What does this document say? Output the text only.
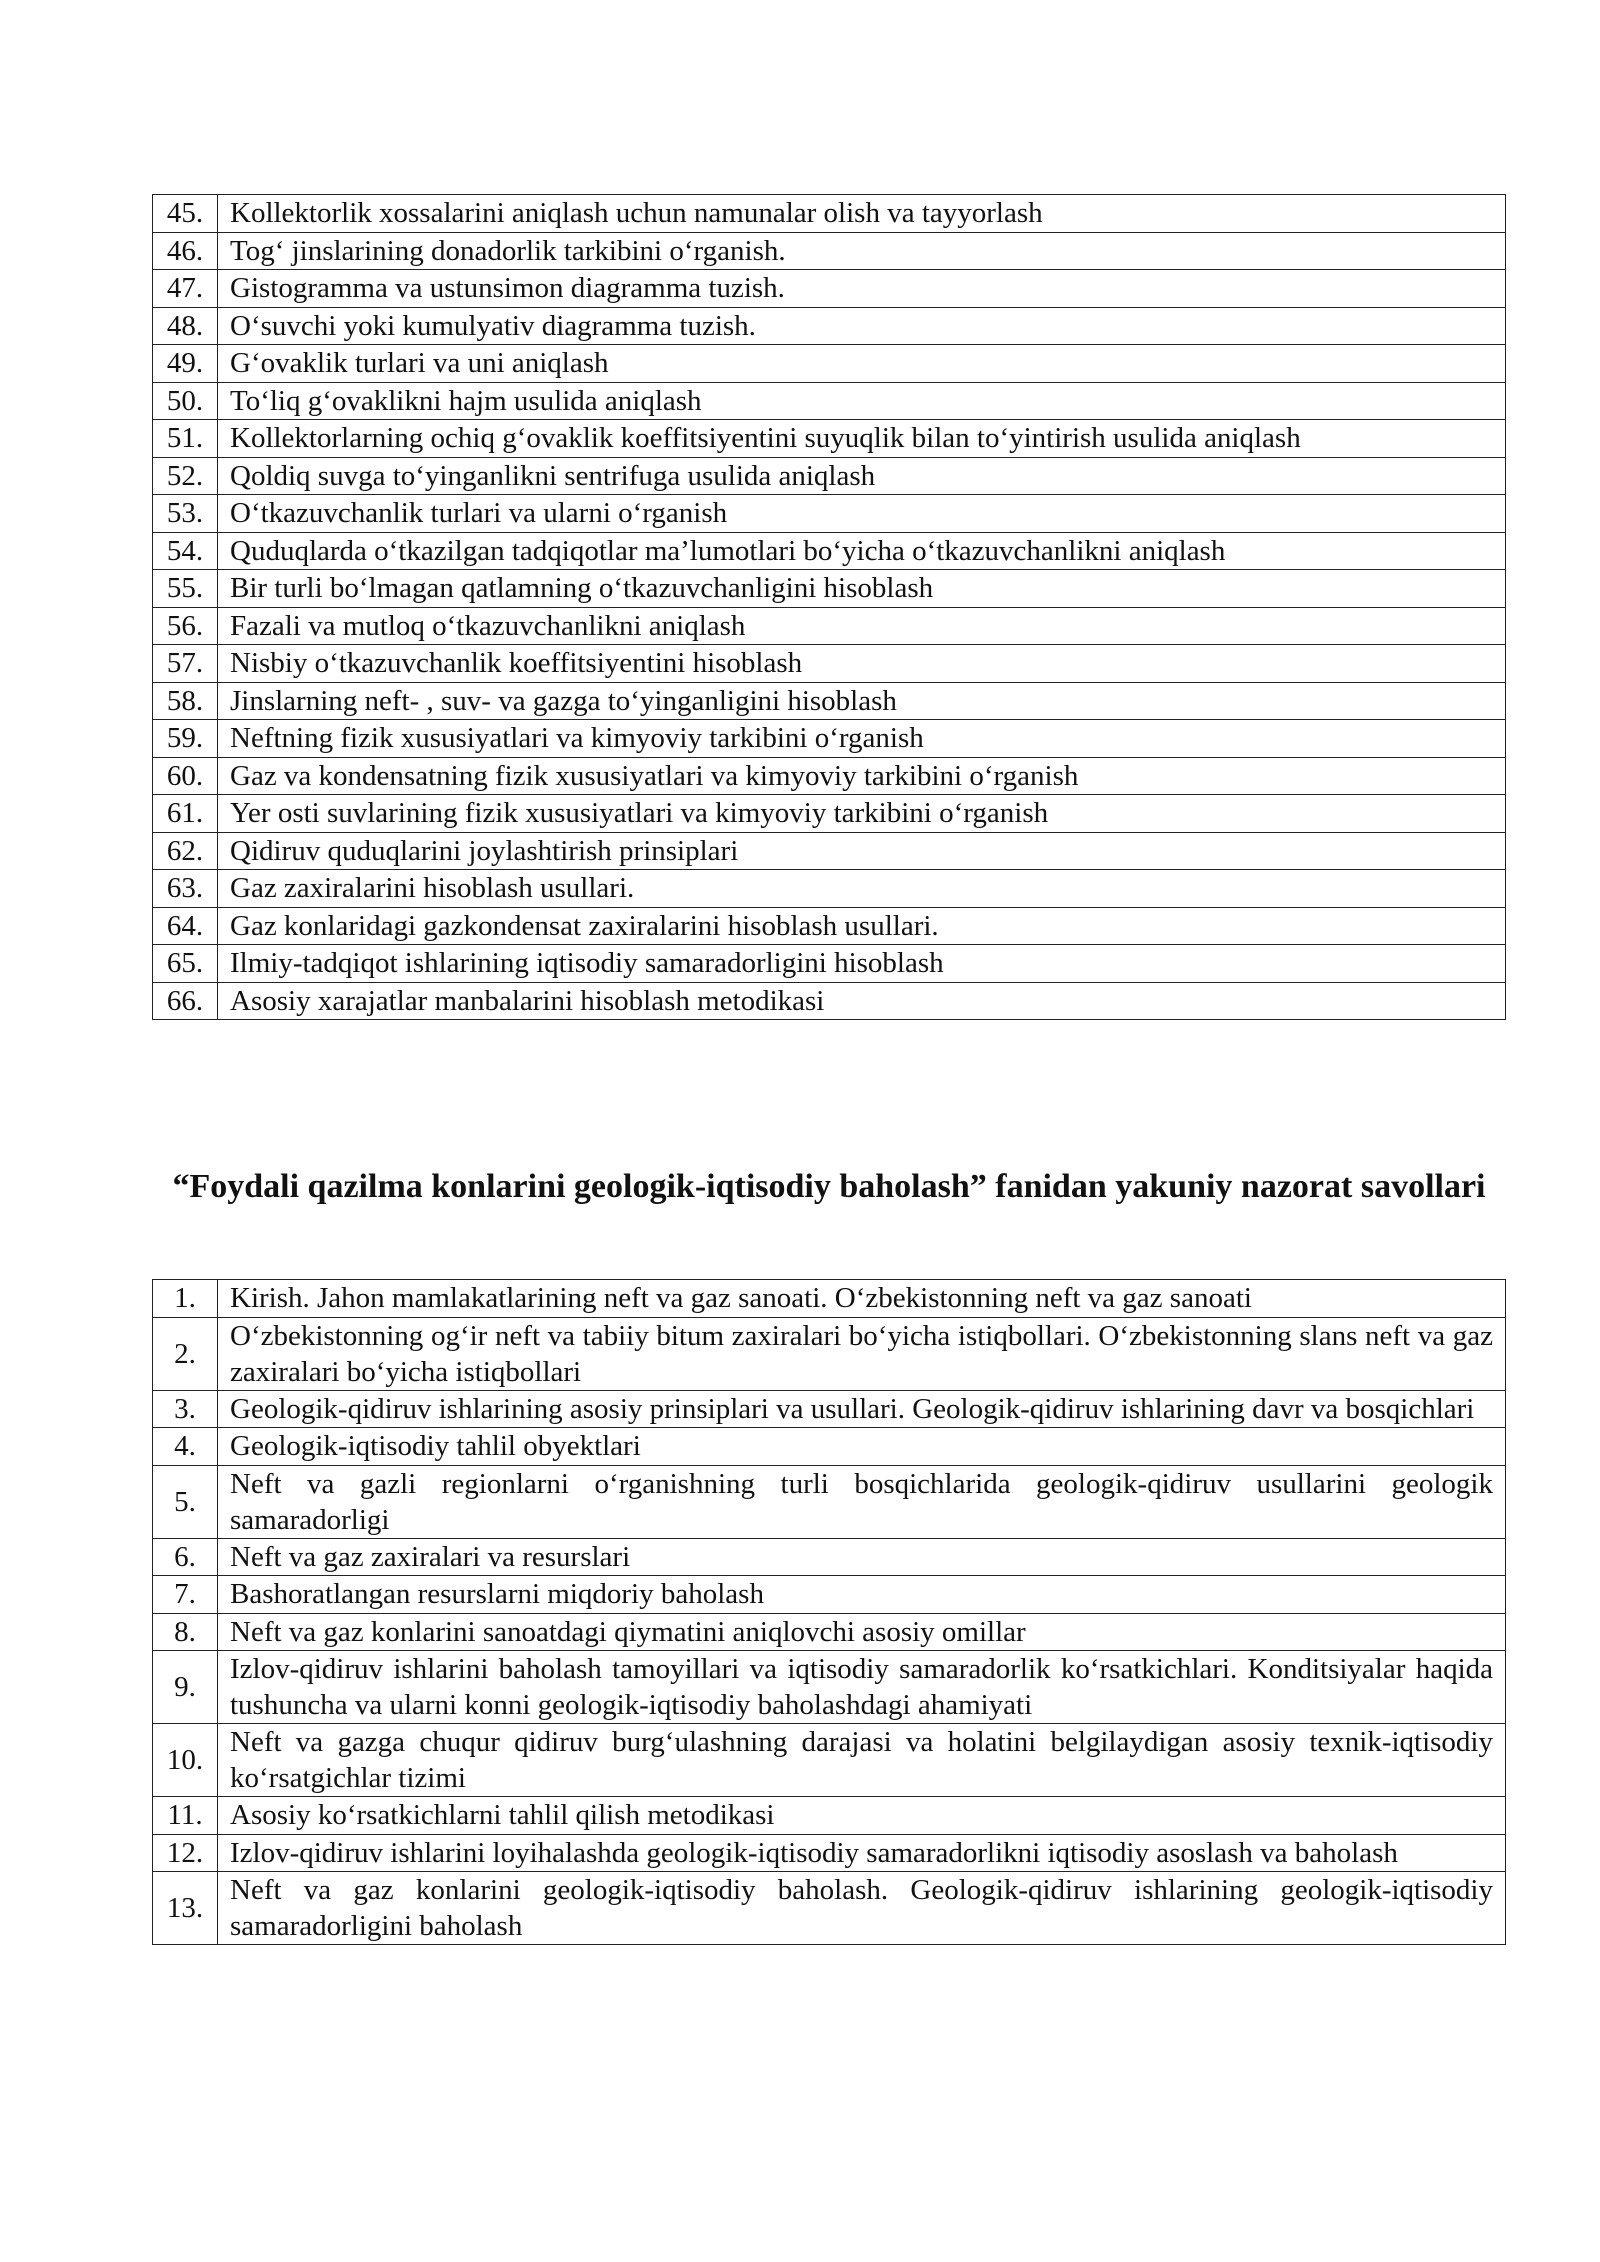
45.	Kollektorlik xossalarini aniqlash uchun namunalar olish va tayyorlash
46.	Tog‘ jinslarining donadorlik tarkibini o‘rganish.
47.	Gistogramma va ustunsimon diagramma tuzish.
48.	O‘suvchi yoki kumulyativ diagramma tuzish.
49.	G‘ovaklik turlari va uni aniqlash
50.	To‘liq g‘ovaklikni hajm usulida aniqlash
51.	Kollektorlarning ochiq g‘ovaklik koeffitsiyentini suyuqlik bilan to‘yintirish usulida aniqlash
52.	Qoldiq suvga to‘yinganlikni sentrifuga usulida aniqlash
53.	O‘tkazuvchanlik turlari va ularni o‘rganish
54.	Quduqlarda o‘tkazilgan tadqiqotlar ma’lumotlari bo‘yicha o‘tkazuvchanlikni aniqlash
55.	Bir turli bo‘lmagan qatlamning o‘tkazuvchanligini hisoblash
56.	Fazali va mutloq o‘tkazuvchanlikni aniqlash
57.	Nisbiy o‘tkazuvchanlik koeffitsiyentini hisoblash
58.	Jinslarning neft- , suv- va gazga to‘yinganligini hisoblash
59.	Neftning fizik xususiyatlari va kimyoviy tarkibini o‘rganish
60.	Gaz va kondensatning fizik xususiyatlari va kimyoviy tarkibini o‘rganish
61.	Yer osti suvlarining fizik xususiyatlari va kimyoviy tarkibini o‘rganish
62.	Qidiruv quduqlarini joylashtirish prinsiplari
63.	Gaz zaxiralarini hisoblash usullari.
64.	Gaz konlaridagi gazkondensat zaxiralarini hisoblash usullari.
65.	Ilmiy-tadqiqot ishlarining iqtisodiy samaradorligini hisoblash
66.	Asosiy xarajatlar manbalarini hisoblash metodikasi
“Foydali qazilma konlarini geologik-iqtisodiy baholash” fanidan yakuniy nazorat savollari
1.	Kirish. Jahon mamlakatlarining neft va gaz sanoati. O‘zbekistonning neft va gaz sanoati
2.	O‘zbekistonning og‘ir neft va tabiiy bitum zaxiralari bo‘yicha istiqbollari. O‘zbekistonning slans neft va gaz zaxiralari bo‘yicha istiqbollari
3.	Geologik-qidiruv ishlarining asosiy prinsiplari va usullari. Geologik-qidiruv ishlarining davr va bosqichlari
4.	Geologik-iqtisodiy tahlil obyektlari
5.	Neft va gazli regionlarni o‘rganishning turli bosqichlarida geologik-qidiruv usullarini geologik samaradorligi
6.	Neft va gaz zaxiralari va resurslari
7.	Bashoratlangan resurslarni miqdoriy baholash
8.	Neft va gaz konlarini sanoatdagi qiymatini aniqlovchi asosiy omillar
9.	Izlov-qidiruv ishlarini baholash tamoyillari va iqtisodiy samaradorlik ko‘rsatkichlari. Konditsiyalar haqida tushuncha va ularni konni geologik-iqtisodiy baholashdagi ahamiyati
10.	Neft va gazga chuqur qidiruv burg‘ulashning darajasi va holatini belgilaydigan asosiy texnik-iqtisodiy ko‘rsatgichlar tizimi
11.	Asosiy ko‘rsatkichlarni tahlil qilish metodikasi
12.	Izlov-qidiruv ishlarini loyihalashda geologik-iqtisodiy samaradorlikni iqtisodiy asoslash va baholash
13.	Neft va gaz konlarini geologik-iqtisodiy baholash. Geologik-qidiruv ishlarining geologik-iqtisodiy samaradorligini baholash
